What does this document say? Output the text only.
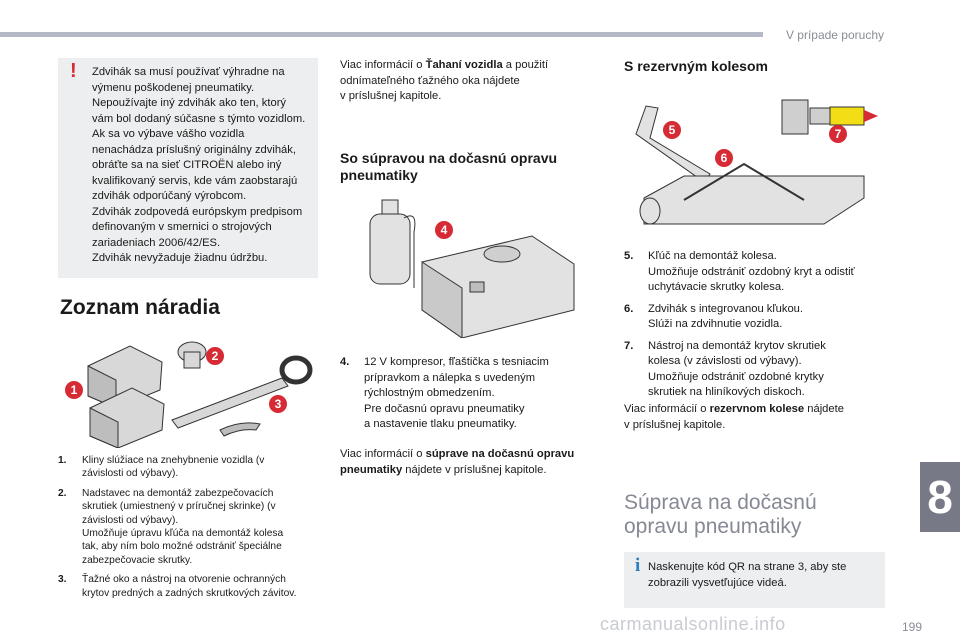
V prípade poruchy
8
199
carmanualsonline.info
! Zdvihák sa musí používať výhradne na
výmenu poškodenej pneumatiky.
Nepoužívajte iný zdvihák ako ten, ktorý
vám bol dodaný súčasne s týmto vozidlom.
Ak sa vo výbave vášho vozidla
nenachádza príslušný originálny zdvihák,
obráťte sa na sieť CITROËN alebo iný
kvalifikovaný servis, kde vám zaobstarajú
zdvihák odporúčaný výrobcom.
Zdvihák zodpovedá európskym predpisom
definovaným v smernici o strojových
zariadeniach 2006/42/ES.
Zdvihák nevyžaduje žiadnu údržbu.
Zoznam náradia
1
2
3
1. Kliny slúžiace na znehybnenie vozidla (v
závislosti od výbavy).
2. Nadstavec na demontáž zabezpečovacích
skrutiek (umiestnený v príručnej skrinke) (v
závislosti od výbavy).
Umožňuje úpravu kľúča na demontáž kolesa
tak, aby ním bolo možné odstrániť špeciálne
zabezpečovacie skrutky.
3. Ťažné oko a nástroj na otvorenie ochranných
krytov predných a zadných skrutkových závitov.
Viac informácií o Ťahaní vozidla a použití
odnímateľného ťažného oka nájdete
v príslušnej kapitole.
So súpravou na dočasnú opravu
pneumatiky
4
4. 12 V kompresor, fľaštička s tesniacim
prípravkom a nálepka s uvedeným
rýchlostným obmedzením.
Pre dočasnú opravu pneumatiky
a nastavenie tlaku pneumatiky.
Viac informácií o súprave na dočasnú opravu
pneumatiky nájdete v príslušnej kapitole.
S rezervným kolesom
5
6
7
5. Kľúč na demontáž kolesa.
Umožňuje odstrániť ozdobný kryt a odistiť
uchytávacie skrutky kolesa.
6. Zdvihák s integrovanou kľukou.
Slúži na zdvihnutie vozidla.
7. Nástroj na demontáž krytov skrutiek
kolesa (v závislosti od výbavy).
Umožňuje odstrániť ozdobné krytky
skrutiek na hliníkových diskoch.
Viac informácií o rezervnom kolese nájdete
v príslušnej kapitole.
Súprava na dočasnú
opravu pneumatiky
i Naskenujte kód QR na strane 3, aby ste
zobrazili vysvetľujúce videá.
